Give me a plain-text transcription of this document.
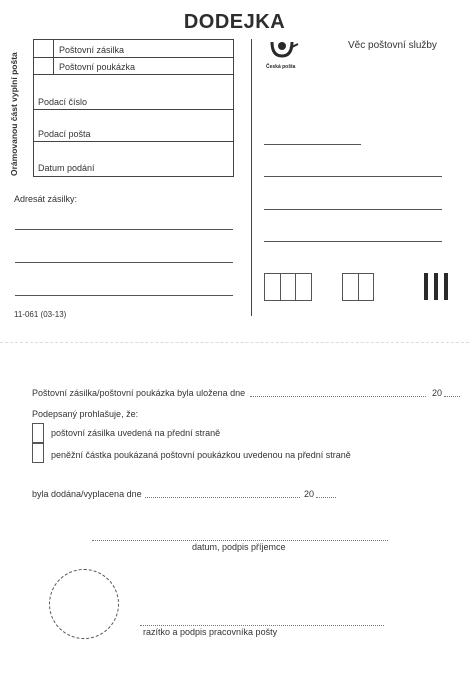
DODEJKA
Orámovanou část vyplní pošta
Poštovní zásilka
Poštovní poukázka
Podací číslo
Podací pošta
Datum podání
Adresát zásilky:
11-061 (03-13)
Česká pošta
Věc poštovní služby
Poštovní zásilka/poštovní poukázka byla uložena dne	20
Podepsaný prohlašuje, že:
poštovní zásilka uvedená na přední straně
peněžní částka poukázaná poštovní poukázkou uvedenou na přední straně
byla dodána/vyplacena dne	20
datum, podpis příjemce
razítko a podpis pracovníka pošty
